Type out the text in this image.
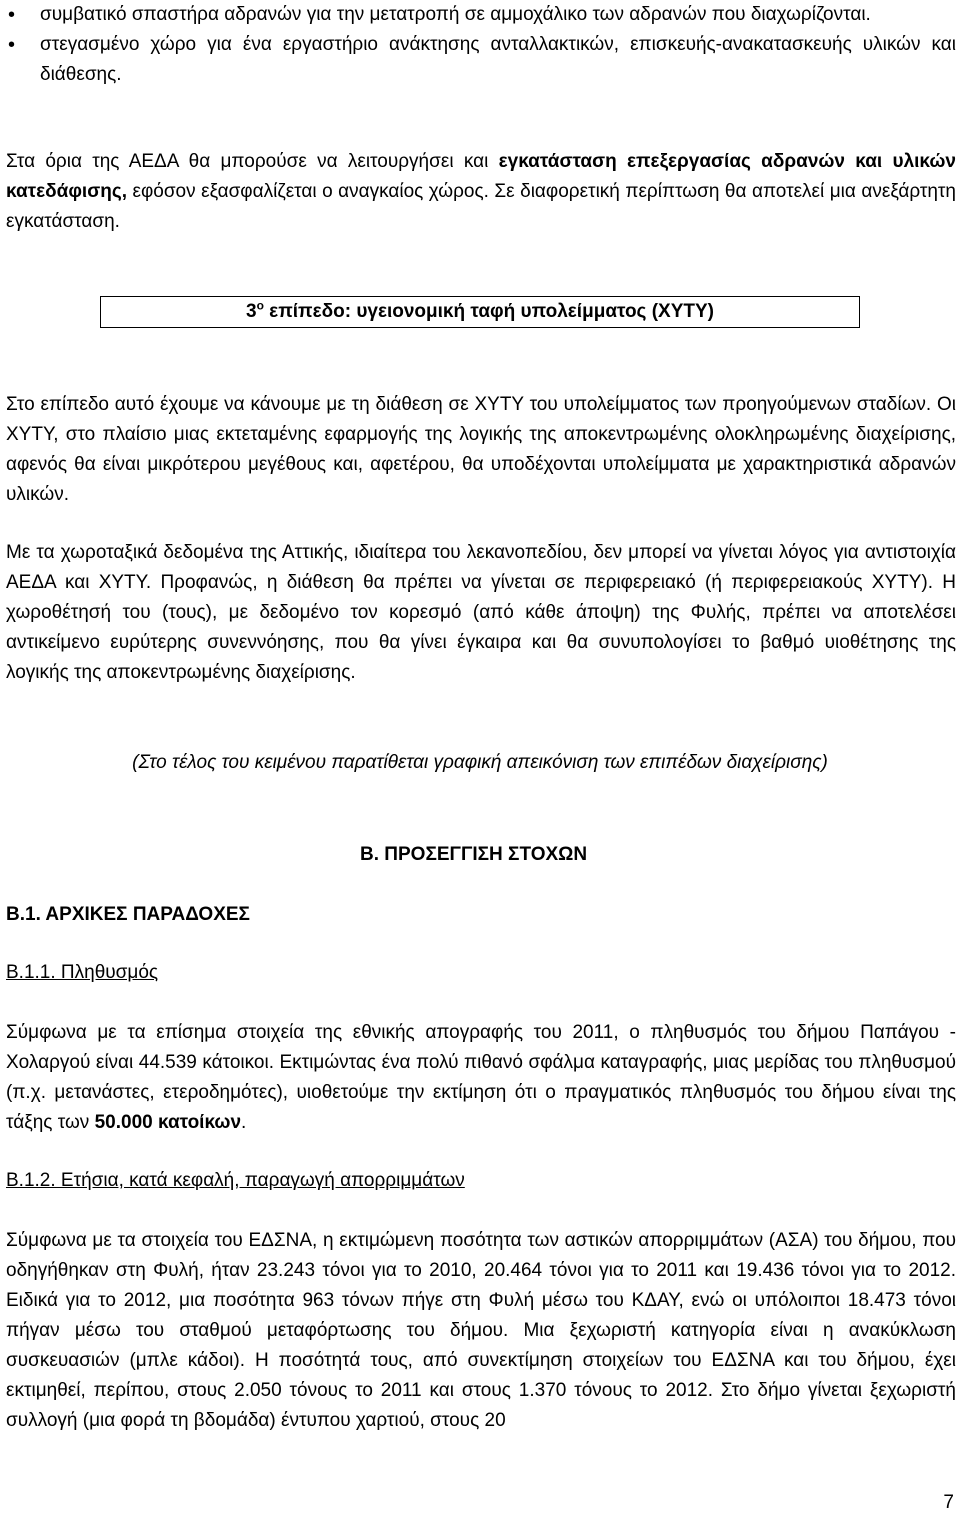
• συμβατικό σπαστήρα αδρανών για την μετατροπή σε αμμοχάλικο των αδρανών που διαχωρίζονται.
• στεγασμένο χώρο για ένα εργαστήριο ανάκτησης ανταλλακτικών, επισκευής-ανακατασκευής υλικών και διάθεσης.

Στα όρια της ΑΕΔΑ θα μπορούσε να λειτουργήσει και εγκατάσταση επεξεργασίας αδρανών και υλικών κατεδάφισης, εφόσον εξασφαλίζεται ο αναγκαίος χώρος. Σε διαφορετική περίπτωση θα αποτελεί μια ανεξάρτητη εγκατάσταση.

$3^o$ επίπεδο: υγειονομική ταφή υπολείμματος (ΧΥΤΥ)

Στο επίπεδο αυτό έχουμε να κάνουμε με τη διάθεση σε ΧΥΤΥ του υπολείμματος των προηγούμενων σταδίων. Οι ΧΥΤΥ, στο πλαίσιο μιας εκτεταμένης εφαρμογής της λογικής της αποκεντρωμένης ολοκληρωμένης διαχείρισης, αφενός θα είναι μικρότερου μεγέθους και, αφετέρου, θα υποδέχονται υπολείμματα με χαρακτηριστικά αδρανών υλικών.

Με τα χωροταξικά δεδομένα της Αττικής, ιδιαίτερα του λεκανοπεδίου, δεν μπορεί να γίνεται λόγος για αντιστοιχία ΑΕΔΑ και ΧΥΤΥ. Προφανώς, η διάθεση θα πρέπει να γίνεται σε περιφερειακό (ή περιφερειακούς ΧΥΤΥ). Η χωροθέτησή του (τους), με δεδομένο τον κορεσμό (από κάθε άποψη) της Φυλής, πρέπει να αποτελέσει αντικείμενο ευρύτερης συνεννόησης, που θα γίνει έγκαιρα και θα συνυπολογίσει το βαθμό υιοθέτησης της λογικής της αποκεντρωμένης διαχείρισης.

(Στο τέλος του κειμένου παρατίθεται γραφική απεικόνιση των επιπέδων διαχείρισης)
Β. ΠΡΟΣΕΓΓΙΣΗ ΣΤΟΧΩΝ
Β.1. ΑΡΧΙΚΕΣ ΠΑΡΑΔΟΧΕΣ
Β.1.1. Πληθυσμός

Σύμφωνα με τα επίσημα στοιχεία της εθνικής απογραφής του 2011, ο πληθυσμός του δήμου Παπάγου - Χολαργού είναι 44.539 κάτοικοι. Εκτιμώντας ένα πολύ πιθανό σφάλμα καταγραφής, μιας μερίδας του πληθυσμού (π.χ. μετανάστες, ετεροδημότες), υιοθετούμε την εκτίμηση ότι ο πραγματικός πληθυσμός του δήμου είναι της τάξης των 50.000 κατοίκων.

Β.1.2. Ετήσια, κατά κεφαλή, παραγωγή απορριμμάτων

Σύμφωνα με τα στοιχεία του ΕΔΣΝΑ, η εκτιμώμενη ποσότητα των αστικών απορριμμάτων (ΑΣΑ) του δήμου, που οδηγήθηκαν στη Φυλή, ήταν 23.243 τόνοι για το 2010, 20.464 τόνοι για το 2011 και 19.436 τόνοι για το 2012. Ειδικά για το 2012, μια ποσότητα 963 τόνων πήγε στη Φυλή μέσω του ΚΔΑΥ, ενώ οι υπόλοιποι 18.473 τόνοι πήγαν μέσω του σταθμού μεταφόρτωσης του δήμου. Μια ξεχωριστή κατηγορία είναι η ανακύκλωση συσκευασιών (μπλε κάδοι). Η ποσότητά τους, από συνεκτίμηση στοιχείων του ΕΔΣΝΑ και του δήμου, έχει εκτιμηθεί, περίπου, στους 2.050 τόνους το 2011 και στους 1.370 τόνους το 2012. Στο δήμο γίνεται ξεχωριστή συλλογή (μια φορά τη βδομάδα) έντυπου χαρτιού, στους 20

7
